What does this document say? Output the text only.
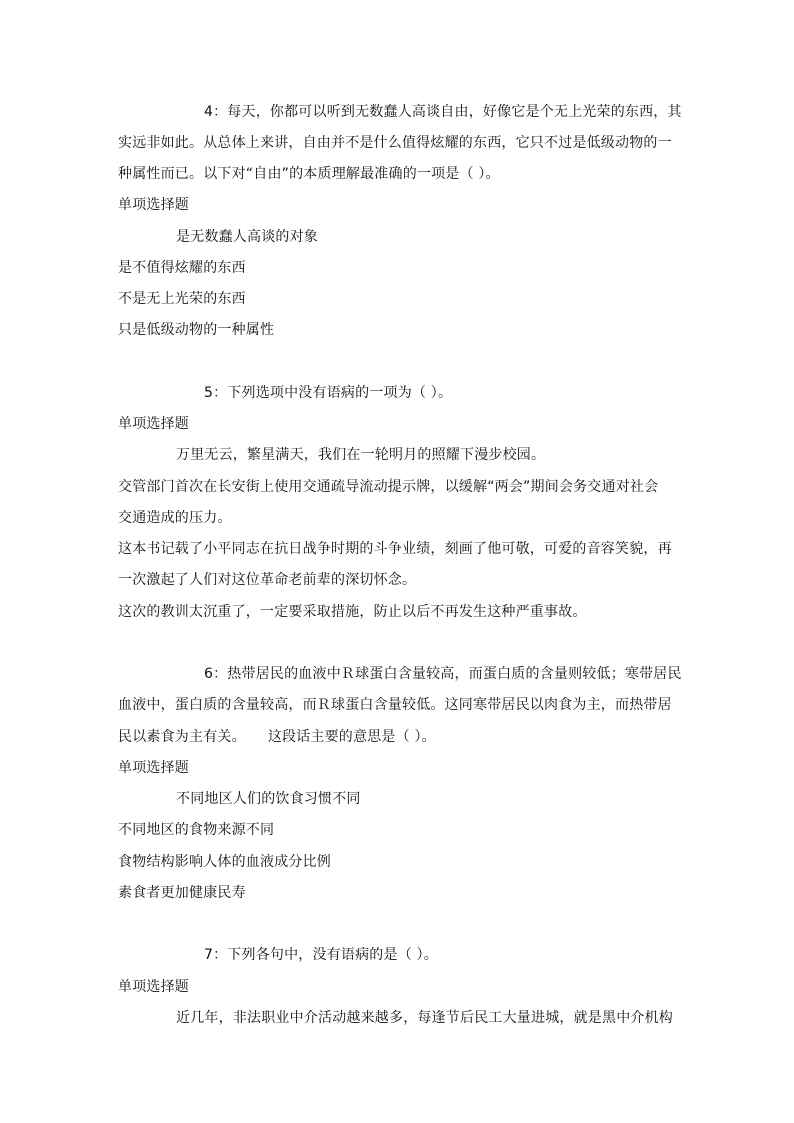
4：每天，你都可以听到无数蠢人高谈自由，好像它是个无上光荣的东西，其
实远非如此。从总体上来讲，自由并不是什么值得炫耀的东西，它只不过是低级动物的一
种属性而已。以下对“自由”的本质理解最准确的一项是（ ）。
单项选择题
是无数蠢人高谈的对象
是不值得炫耀的东西
不是无上光荣的东西
只是低级动物的一种属性
5：下列选项中没有语病的一项为（ ）。
单项选择题
万里无云，繁星满天，我们在一轮明月的照耀下漫步校园。
交管部门首次在长安街上使用交通疏导流动提示牌，以缓解“两会”期间会务交通对社会
交通造成的压力。
这本书记载了小平同志在抗日战争时期的斗争业绩，刻画了他可敬，可爱的音容笑貌，再
一次激起了人们对这位革命老前辈的深切怀念。
这次的教训太沉重了，一定要采取措施，防止以后不再发生这种严重事故。
6：热带居民的血液中Ｒ球蛋白含量较高，而蛋白质的含量则较低；寒带居民
血液中，蛋白质的含量较高，而Ｒ球蛋白含量较低。这同寒带居民以肉食为主，而热带居
民以素食为主有关。 这段话主要的意思是（ ）。
单项选择题
不同地区人们的饮食习惯不同
不同地区的食物来源不同
食物结构影响人体的血液成分比例
素食者更加健康民寿
7：下列各句中，没有语病的是（ ）。
单项选择题
近几年，非法职业中介活动越来越多，每逢节后民工大量进城，就是黑中介机构
